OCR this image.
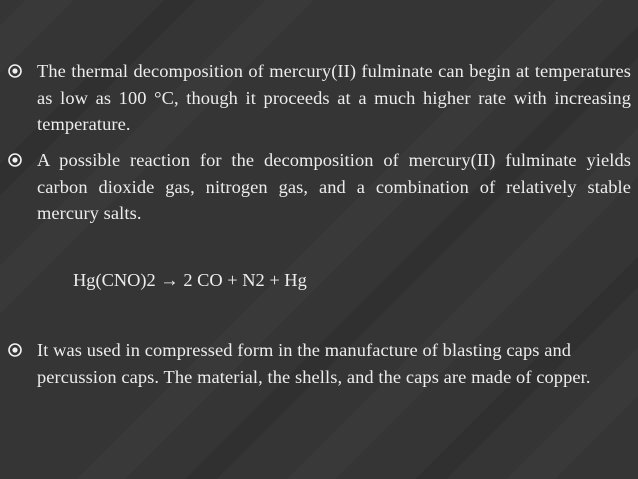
The thermal decomposition of mercury(II) fulminate can begin at temperatures as low as 100 °C, though it proceeds at a much higher rate with increasing temperature.
A possible reaction for the decomposition of mercury(II) fulminate yields carbon dioxide gas, nitrogen gas, and a combination of relatively stable mercury salts.
Hg(CNO)2 → 2 CO + N2 + Hg
It was used in compressed form in the manufacture of blasting caps and percussion caps. The material, the shells, and the caps are made of copper.
